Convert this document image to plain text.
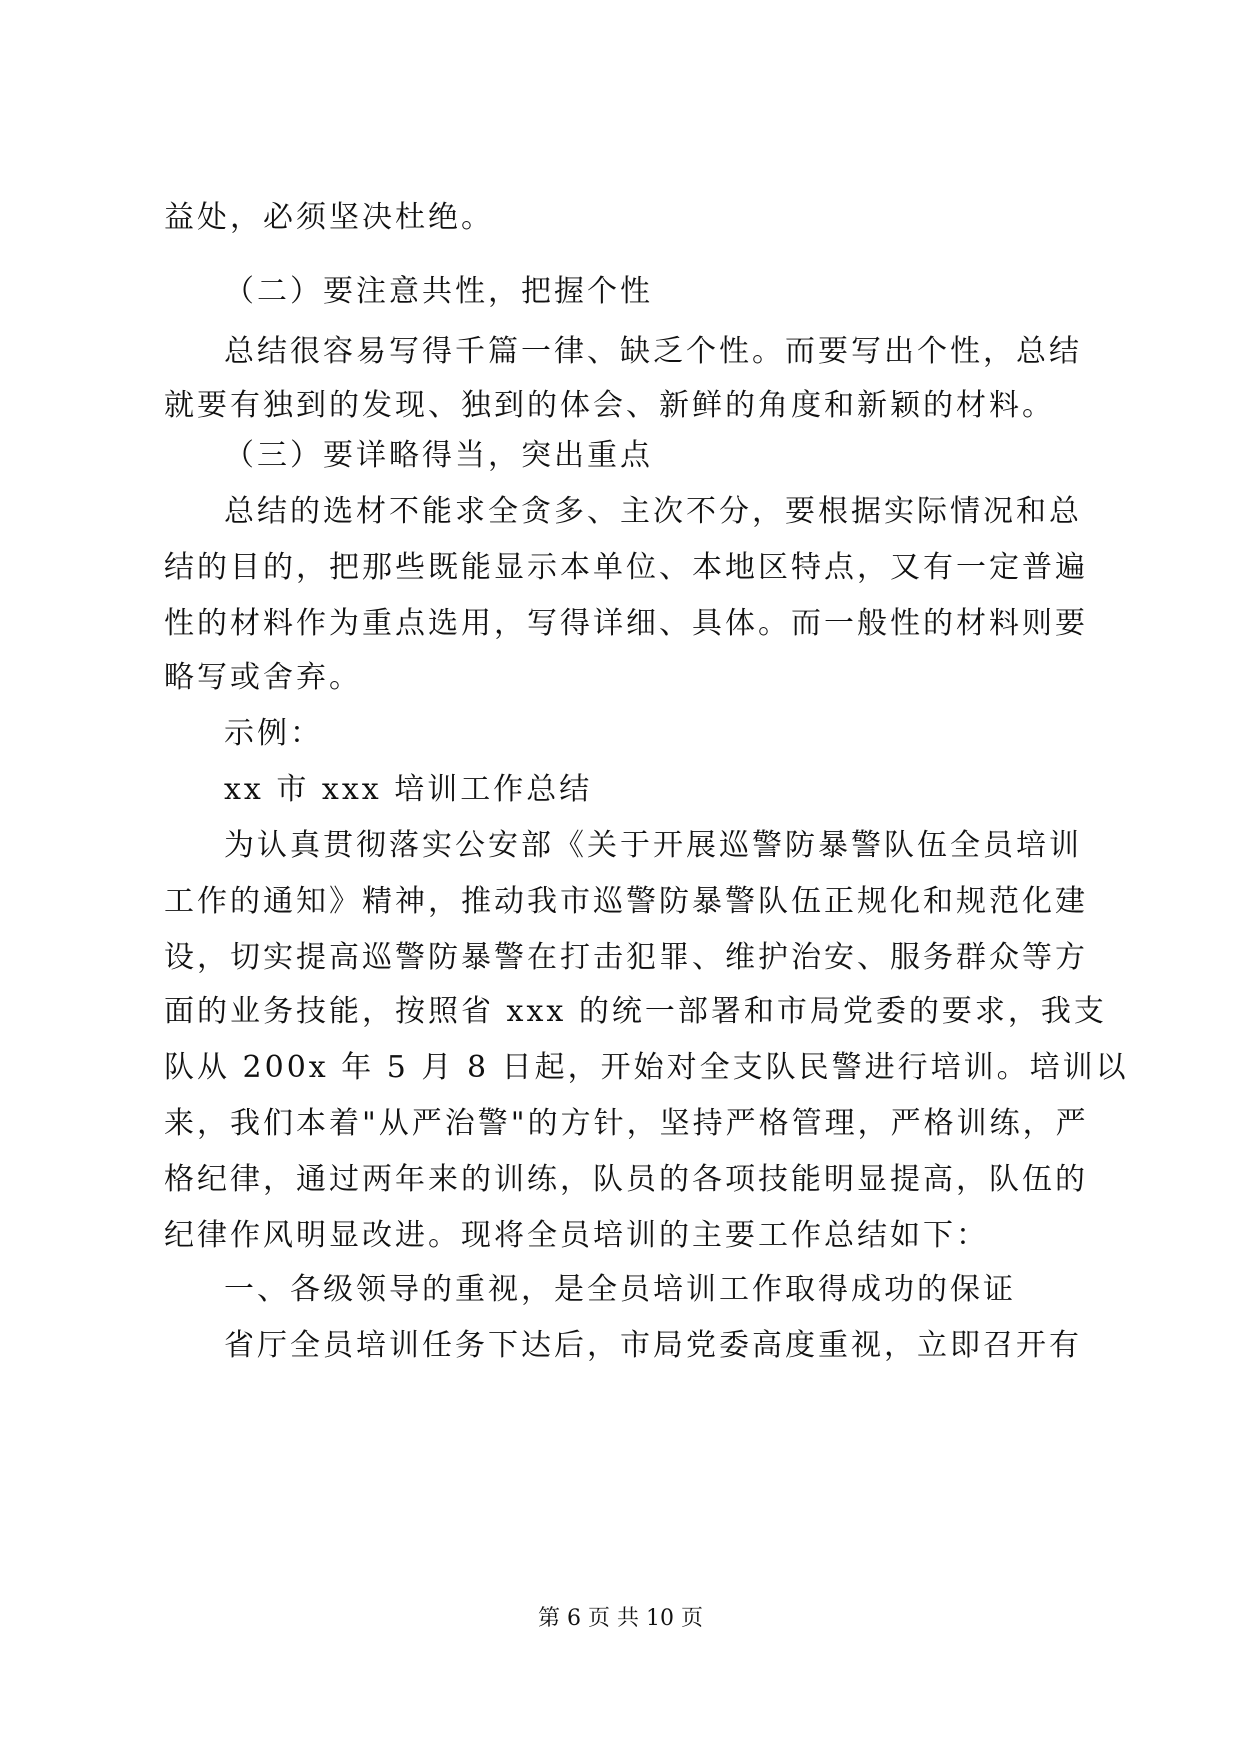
益处，必须坚决杜绝。
（二）要注意共性，把握个性
总结很容易写得千篇一律、缺乏个性。而要写出个性，总结
就要有独到的发现、独到的体会、新鲜的角度和新颖的材料。
（三）要详略得当，突出重点
总结的选材不能求全贪多、主次不分，要根据实际情况和总
结的目的，把那些既能显示本单位、本地区特点，又有一定普遍
性的材料作为重点选用，写得详细、具体。而一般性的材料则要
略写或舍弃。
示例：
xx 市 xxx 培训工作总结
为认真贯彻落实公安部《关于开展巡警防暴警队伍全员培训
工作的通知》精神，推动我市巡警防暴警队伍正规化和规范化建
设，切实提高巡警防暴警在打击犯罪、维护治安、服务群众等方
面的业务技能，按照省 xxx 的统一部署和市局党委的要求，我支
队从 200x 年 5 月 8 日起，开始对全支队民警进行培训。培训以
来，我们本着"从严治警"的方针，坚持严格管理，严格训练，严
格纪律，通过两年来的训练，队员的各项技能明显提高，队伍的
纪律作风明显改进。现将全员培训的主要工作总结如下：
一、各级领导的重视，是全员培训工作取得成功的保证
省厅全员培训任务下达后，市局党委高度重视，立即召开有
第 6 页 共 10 页
